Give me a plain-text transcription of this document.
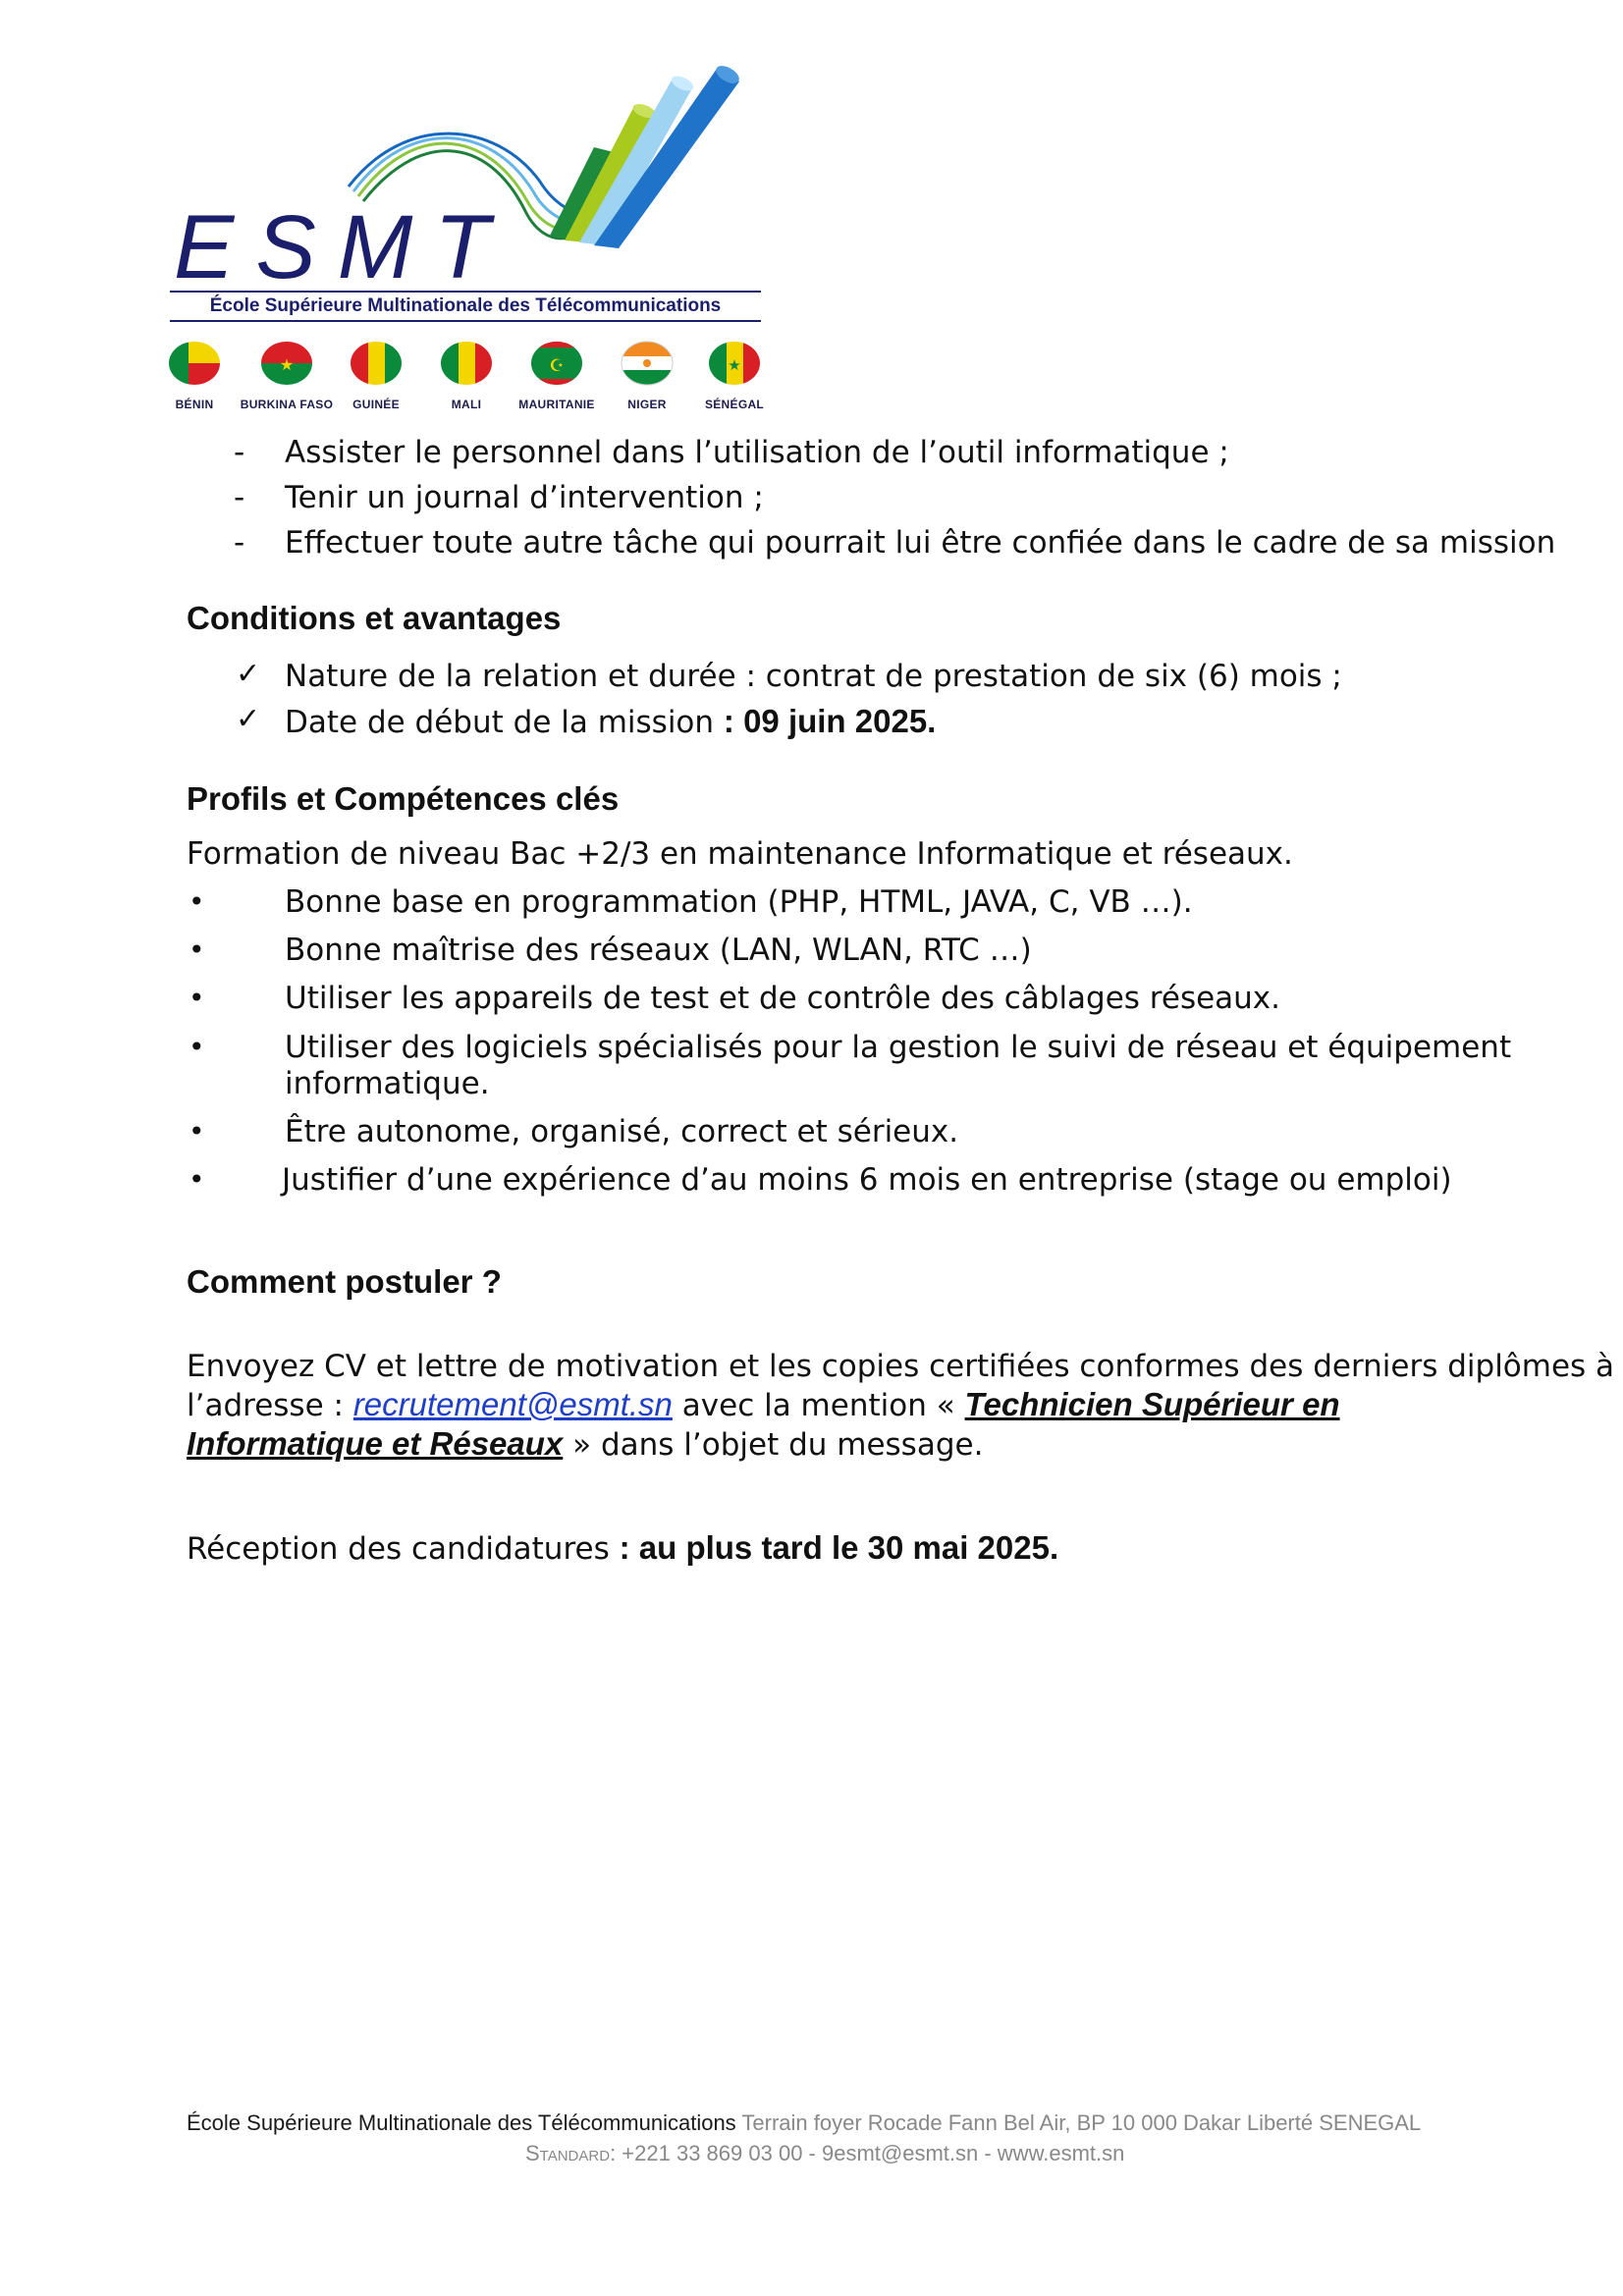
ESMT
★	☪	★
École Supérieure Multinationale des Télécommunications
BÉNIN BURKINA FASO GUINÉE	MALI	MAURITANIE	NIGER	SÉNÉGAL
- Assister le personnel dans l’utilisation de l’outil informatique ;
- Tenir un journal d’intervention ;
- Effectuer toute autre tâche qui pourrait lui être confiée dans le cadre de sa mission
Conditions et avantages
✓ Nature de la relation et durée : contrat de prestation de six (6) mois ;
✓ Date de début de la mission : 09 juin 2025.
Profils et Compétences clés
Formation de niveau Bac +2/3 en maintenance Informatique et réseaux.
•	Bonne base en programmation (PHP, HTML, JAVA, C, VB …).
•	Bonne maîtrise des réseaux (LAN, WLAN, RTC …)
•	Utiliser les appareils de test et de contrôle des câblages réseaux.
•	Utiliser des logiciels spécialisés pour la gestion le suivi de réseau et équipement
informatique.
•	Être autonome, organisé, correct et sérieux.
•	Justifier d’une expérience d’au moins 6 mois en entreprise (stage ou emploi)
Comment postuler ?
Envoyez CV et lettre de motivation et les copies certifiées conformes des derniers diplômes à
l’adresse : recrutement@esmt.sn avec la mention « Technicien Supérieur en
Informatique et Réseaux » dans l’objet du message.
Réception des candidatures : au plus tard le 30 mai 2025.
École Supérieure Multinationale des Télécommunications Terrain foyer Rocade Fann Bel Air, BP 10 000 Dakar Liberté SENEGAL
Standard: +221 33 869 03 00 - 9esmt@esmt.sn - www.esmt.sn
